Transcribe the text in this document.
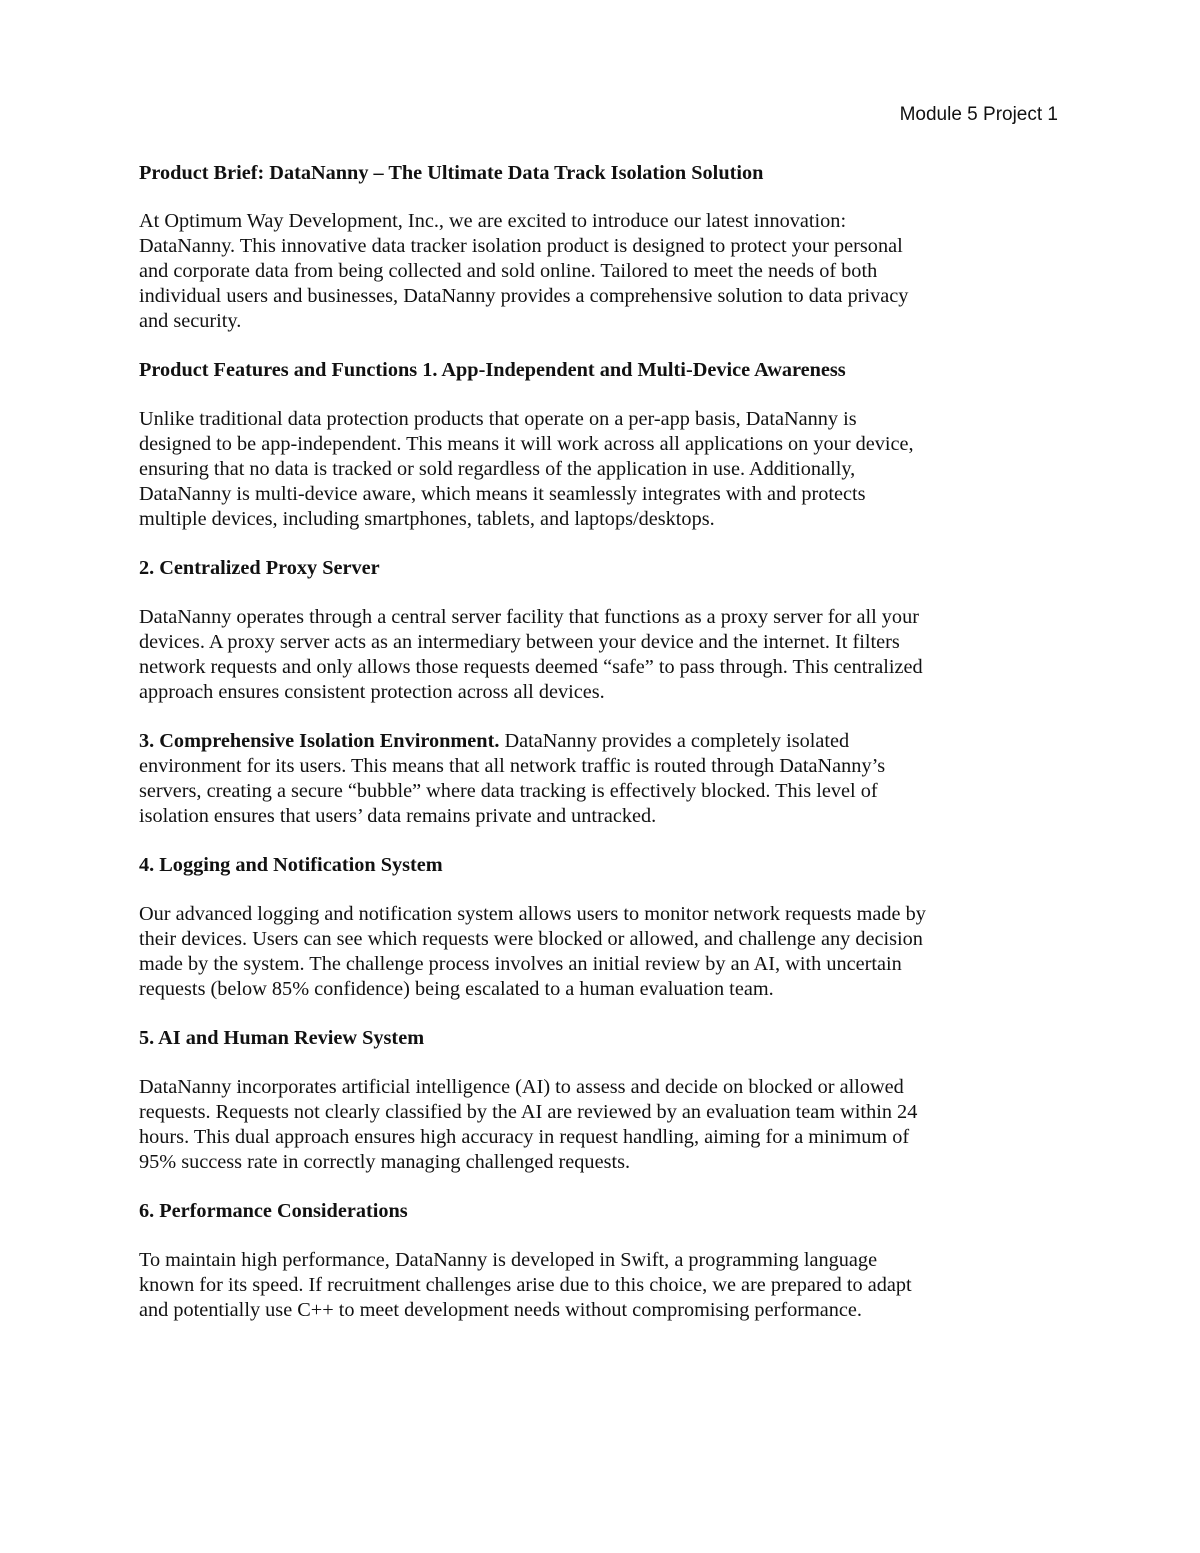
Module 5 Project 1
Product Brief: DataNanny – The Ultimate Data Track Isolation Solution
At Optimum Way Development, Inc., we are excited to introduce our latest innovation:
DataNanny. This innovative data tracker isolation product is designed to protect your personal
and corporate data from being collected and sold online. Tailored to meet the needs of both
individual users and businesses, DataNanny provides a comprehensive solution to data privacy
and security.
Product Features and Functions 1. App-Independent and Multi-Device Awareness
Unlike traditional data protection products that operate on a per-app basis, DataNanny is
designed to be app-independent. This means it will work across all applications on your device,
ensuring that no data is tracked or sold regardless of the application in use. Additionally,
DataNanny is multi-device aware, which means it seamlessly integrates with and protects
multiple devices, including smartphones, tablets, and laptops/desktops.
2. Centralized Proxy Server
DataNanny operates through a central server facility that functions as a proxy server for all your
devices. A proxy server acts as an intermediary between your device and the internet. It filters
network requests and only allows those requests deemed “safe” to pass through. This centralized
approach ensures consistent protection across all devices.
3. Comprehensive Isolation Environment. DataNanny provides a completely isolated
environment for its users. This means that all network traffic is routed through DataNanny’s
servers, creating a secure “bubble” where data tracking is effectively blocked. This level of
isolation ensures that users’ data remains private and untracked.
4. Logging and Notification System
Our advanced logging and notification system allows users to monitor network requests made by
their devices. Users can see which requests were blocked or allowed, and challenge any decision
made by the system. The challenge process involves an initial review by an AI, with uncertain
requests (below 85% confidence) being escalated to a human evaluation team.
5. AI and Human Review System
DataNanny incorporates artificial intelligence (AI) to assess and decide on blocked or allowed
requests. Requests not clearly classified by the AI are reviewed by an evaluation team within 24
hours. This dual approach ensures high accuracy in request handling, aiming for a minimum of
95% success rate in correctly managing challenged requests.
6. Performance Considerations
To maintain high performance, DataNanny is developed in Swift, a programming language
known for its speed. If recruitment challenges arise due to this choice, we are prepared to adapt
and potentially use C++ to meet development needs without compromising performance.
